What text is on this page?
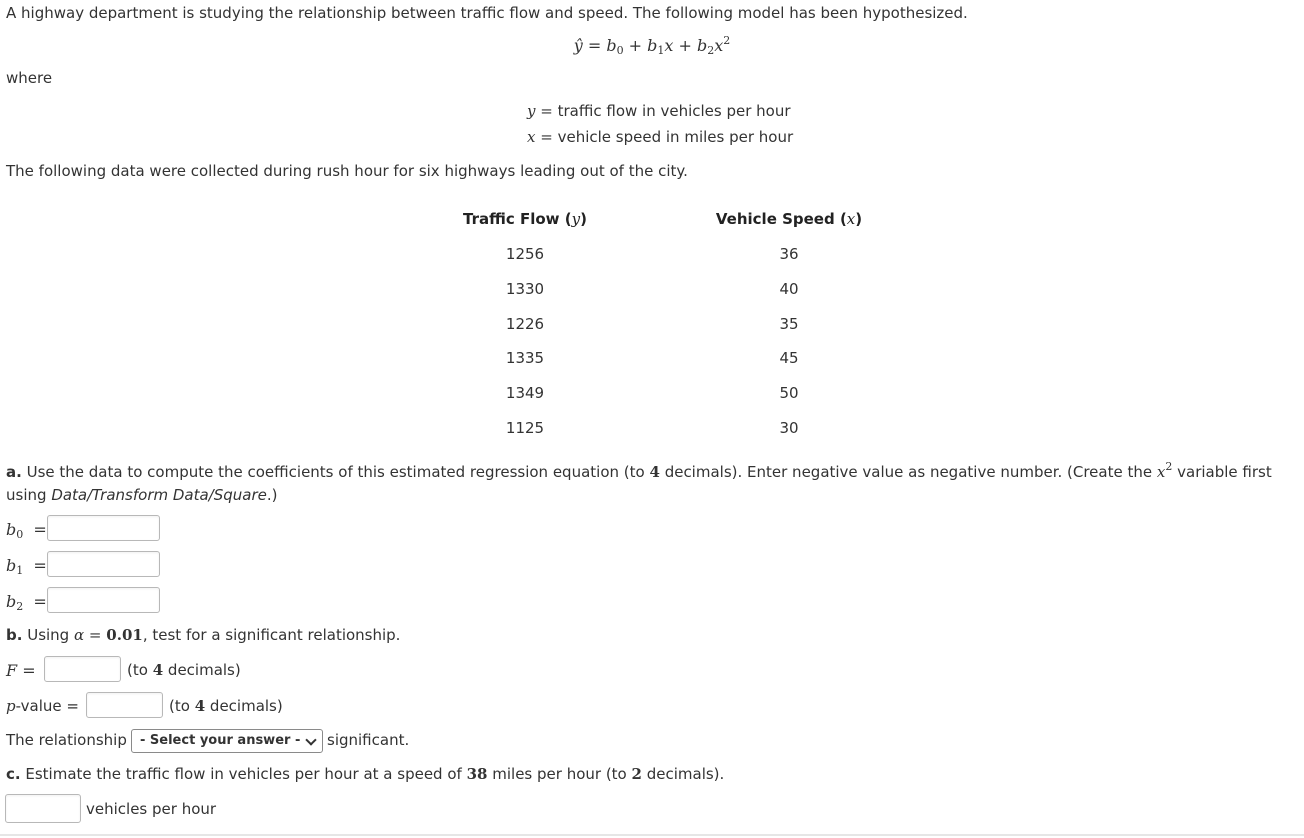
A highway department is studying the relationship between traffic flow and speed. The following model has been hypothesized.
ŷ = $b_0 + b_1x + b_2x^2$
where
y = traffic flow in vehicles per hour
x = vehicle speed in miles per hour
The following data were collected during rush hour for six highways leading out of the city.
Traffic Flow (y)	Vehicle Speed (x)
1256	36
1330	40
1226	35
1335	45
1349	50
1125	30
a. Use the data to compute the coefficients of this estimated regression equation (to 4 decimals). Enter negative value as negative number. (Create the $x^2$ variable first
using Data/Transform Data/Square.)
$b_0$  =
$b_1$  =
$b_2$  =
b. Using α = 0.01, test for a significant relationship.
F =	(to 4 decimals)
p-value =	(to 4 decimals)
The relationship	- Select your answer -	significant.
c. Estimate the traffic flow in vehicles per hour at a speed of 38 miles per hour (to 2 decimals).
vehicles per hour
